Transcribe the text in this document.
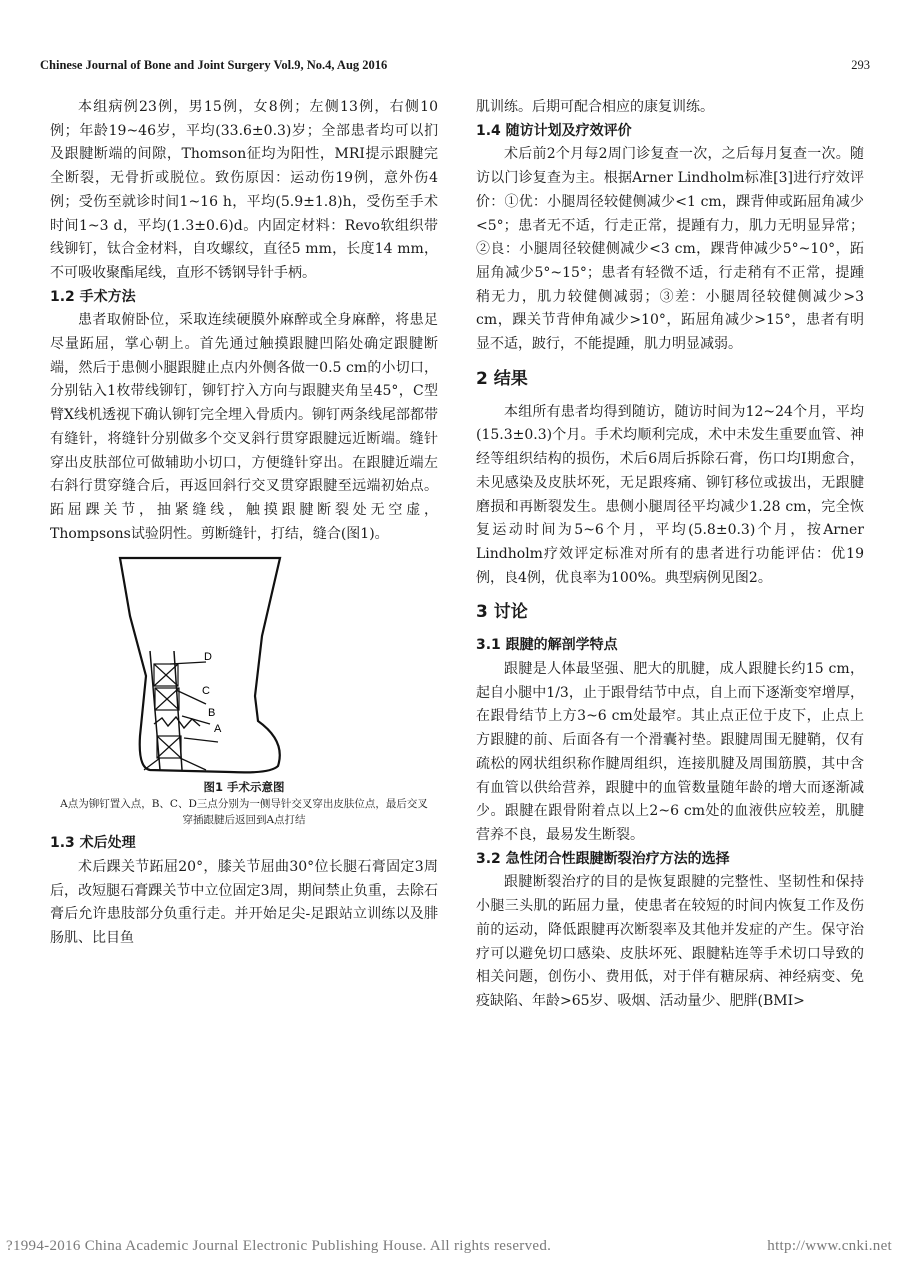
Chinese Journal of Bone and Joint Surgery Vol.9, No.4, Aug 2016	293

本组病例23例，男15例，女8例；左侧13例，右侧10例；年龄19~46岁，平均(33.6±0.3)岁；全部患者均可以扪及跟腱断端的间隙，Thomson征均为阳性，MRI提示跟腱完全断裂，无骨折或脱位。致伤原因：运动伤19例，意外伤4例；受伤至就诊时间1~16 h，平均(5.9±1.8)h，受伤至手术时间1~3 d，平均(1.3±0.6)d。内固定材料：Revo软组织带线铆钉，钛合金材料，自攻螺纹，直径5 mm，长度14 mm，不可吸收聚酯尾线，直形不锈钢导针手柄。

1.2 手术方法

患者取俯卧位，采取连续硬膜外麻醉或全身麻醉，将患足尽量跖屈，掌心朝上。首先通过触摸跟腱凹陷处确定跟腱断端，然后于患侧小腿跟腱止点内外侧各做一0.5 cm的小切口，分别钻入1枚带线铆钉，铆钉拧入方向与跟腱夹角呈45°，C型臂X线机透视下确认铆钉完全埋入骨质内。铆钉两条线尾部都带有缝针，将缝针分别做多个交叉斜行贯穿跟腱远近断端。缝针穿出皮肤部位可做辅助小切口，方便缝针穿出。在跟腱近端左右斜行贯穿缝合后，再返回斜行交叉贯穿跟腱至远端初始点。跖屈踝关节，抽紧缝线，触摸跟腱断裂处无空虚，Thompsons试验阴性。剪断缝针，打结，缝合(图1)。

D
C
B
A
图1 手术示意图
A点为铆钉置入点，B、C、D三点分别为一侧导针交叉穿出皮肤位点，最后交叉穿插跟腱后返回到A点打结
1.3 术后处理

术后踝关节跖屈20°，膝关节屈曲30°位长腿石膏固定3周后，改短腿石膏踝关节中立位固定3周，期间禁止负重，去除石膏后允许患肢部分负重行走。并开始足尖-足跟站立训练以及腓肠肌、比目鱼

肌训练。后期可配合相应的康复训练。

1.4 随访计划及疗效评价

术后前2个月每2周门诊复查一次，之后每月复查一次。随访以门诊复查为主。根据Arner Lindholm标准[3]进行疗效评价：①优：小腿周径较健侧减少<1 cm，踝背伸或跖屈角减少<5°；患者无不适，行走正常，提踵有力，肌力无明显异常；②良：小腿周径较健侧减少<3 cm，踝背伸减少5°~10°，跖屈角减少5°~15°；患者有轻微不适，行走稍有不正常，提踵稍无力，肌力较健侧减弱；③差：小腿周径较健侧减少>3 cm，踝关节背伸角减少>10°，跖屈角减少>15°，患者有明显不适，跛行，不能提踵，肌力明显减弱。

2 结果

本组所有患者均得到随访，随访时间为12~24个月，平均(15.3±0.3)个月。手术均顺利完成，术中未发生重要血管、神经等组织结构的损伤，术后6周后拆除石膏，伤口均Ⅰ期愈合，未见感染及皮肤坏死，无足跟疼痛、铆钉移位或拔出，无跟腱磨损和再断裂发生。患侧小腿周径平均减少1.28 cm，完全恢复运动时间为5~6个月，平均(5.8±0.3)个月，按Arner Lindholm疗效评定标准对所有的患者进行功能评估：优19例，良4例，优良率为100%。典型病例见图2。

3 讨论
3.1 跟腱的解剖学特点

跟腱是人体最坚强、肥大的肌腱，成人跟腱长约15 cm，起自小腿中1/3，止于跟骨结节中点，自上而下逐渐变窄增厚，在跟骨结节上方3~6 cm处最窄。其止点正位于皮下，止点上方跟腱的前、后面各有一个滑囊衬垫。跟腱周围无腱鞘，仅有疏松的网状组织称作腱周组织，连接肌腱及周围筋膜，其中含有血管以供给营养，跟腱中的血管数量随年龄的增大而逐渐减少。跟腱在跟骨附着点以上2~6 cm处的血液供应较差，肌腱营养不良，最易发生断裂。

3.2 急性闭合性跟腱断裂治疗方法的选择

跟腱断裂治疗的目的是恢复跟腱的完整性、坚韧性和保持小腿三头肌的跖屈力量，使患者在较短的时间内恢复工作及伤前的运动，降低跟腱再次断裂率及其他并发症的产生。保守治疗可以避免切口感染、皮肤坏死、跟腱粘连等手术切口导致的相关问题，创伤小、费用低，对于伴有糖尿病、神经病变、免疫缺陷、年龄>65岁、吸烟、活动量少、肥胖(BMI>

?1994-2016 China Academic Journal Electronic Publishing House. All rights reserved.	http://www.cnki.net
